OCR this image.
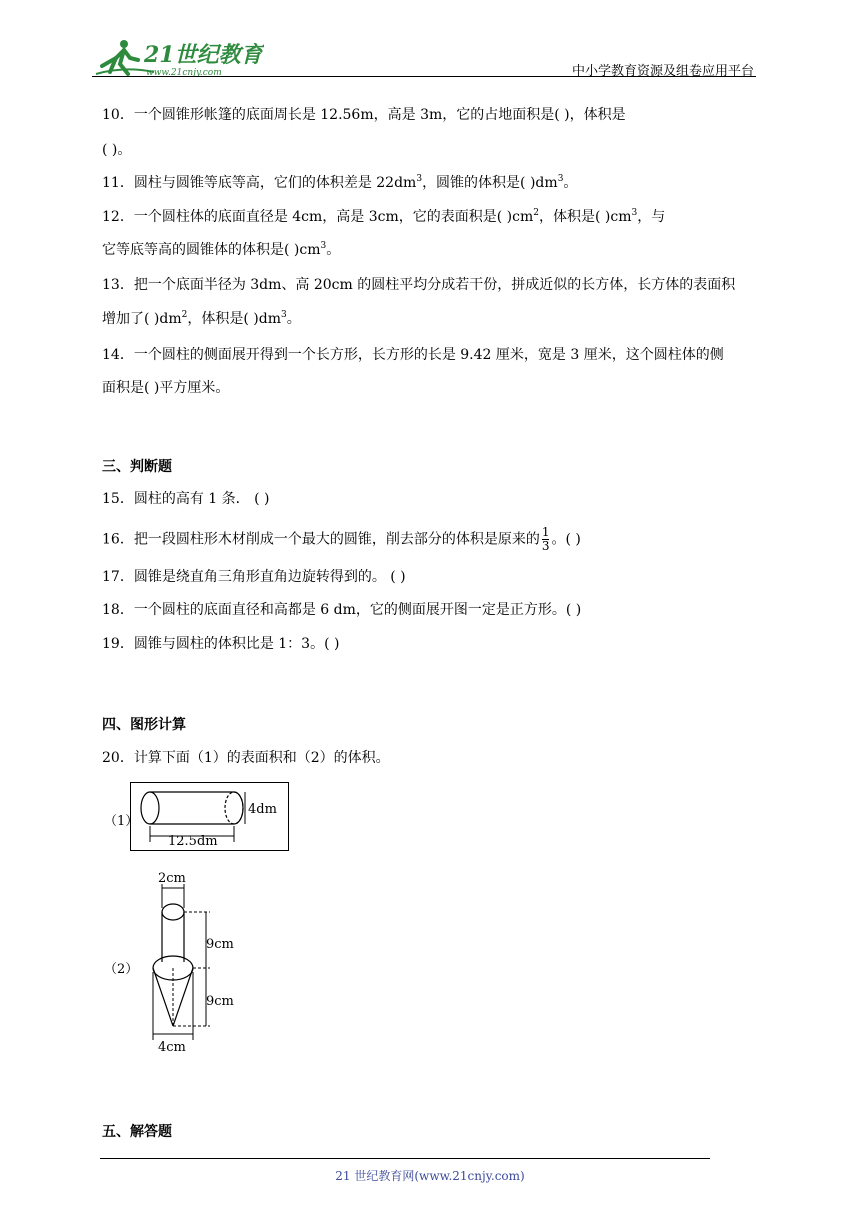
21世纪教育
www.21cnjy.com	中小学教育资源及组卷应用平台
10．一个圆锥形帐篷的底面周长是 12.56m，高是 3m，它的占地面积是( )，体积是
( )。
11．圆柱与圆锥等底等高，它们的体积差是 $22dm^3$，圆锥的体积是( )$dm^3$。
12．一个圆柱体的底面直径是 4cm，高是 3cm，它的表面积是( )$cm^2$，体积是( )$cm^3$，与
它等底等高的圆锥体的体积是( )$cm^3$。
13．把一个底面半径为 3dm、高 20cm 的圆柱平均分成若干份，拼成近似的长方体，长方体的表面积
增加了( )$dm^2$，体积是( )$dm^3$。
14．一个圆柱的侧面展开得到一个长方形，长方形的长是 9.42 厘米，宽是 3 厘米，这个圆柱体的侧
面积是( )平方厘米。
三、判断题
15．圆柱的高有 1 条． ( )
16．把一段圆柱形木材削成一个最大的圆锥，削去部分的体积是原来的 $\frac{1}{3}$ 。( )
17．圆锥是绕直角三角形直角边旋转得到的。 ( )
18．一个圆柱的底面直径和高都是 6 dm，它的侧面展开图一定是正方形。( )
19．圆锥与圆柱的体积比是 1：3。( )
四、图形计算
20．计算下面（1）的表面积和（2）的体积。
（1）
4dm
12.5dm
（2）
2cm
9cm
9cm
4cm
五、解答题
21 世纪教育网(www.21cnjy.com)
